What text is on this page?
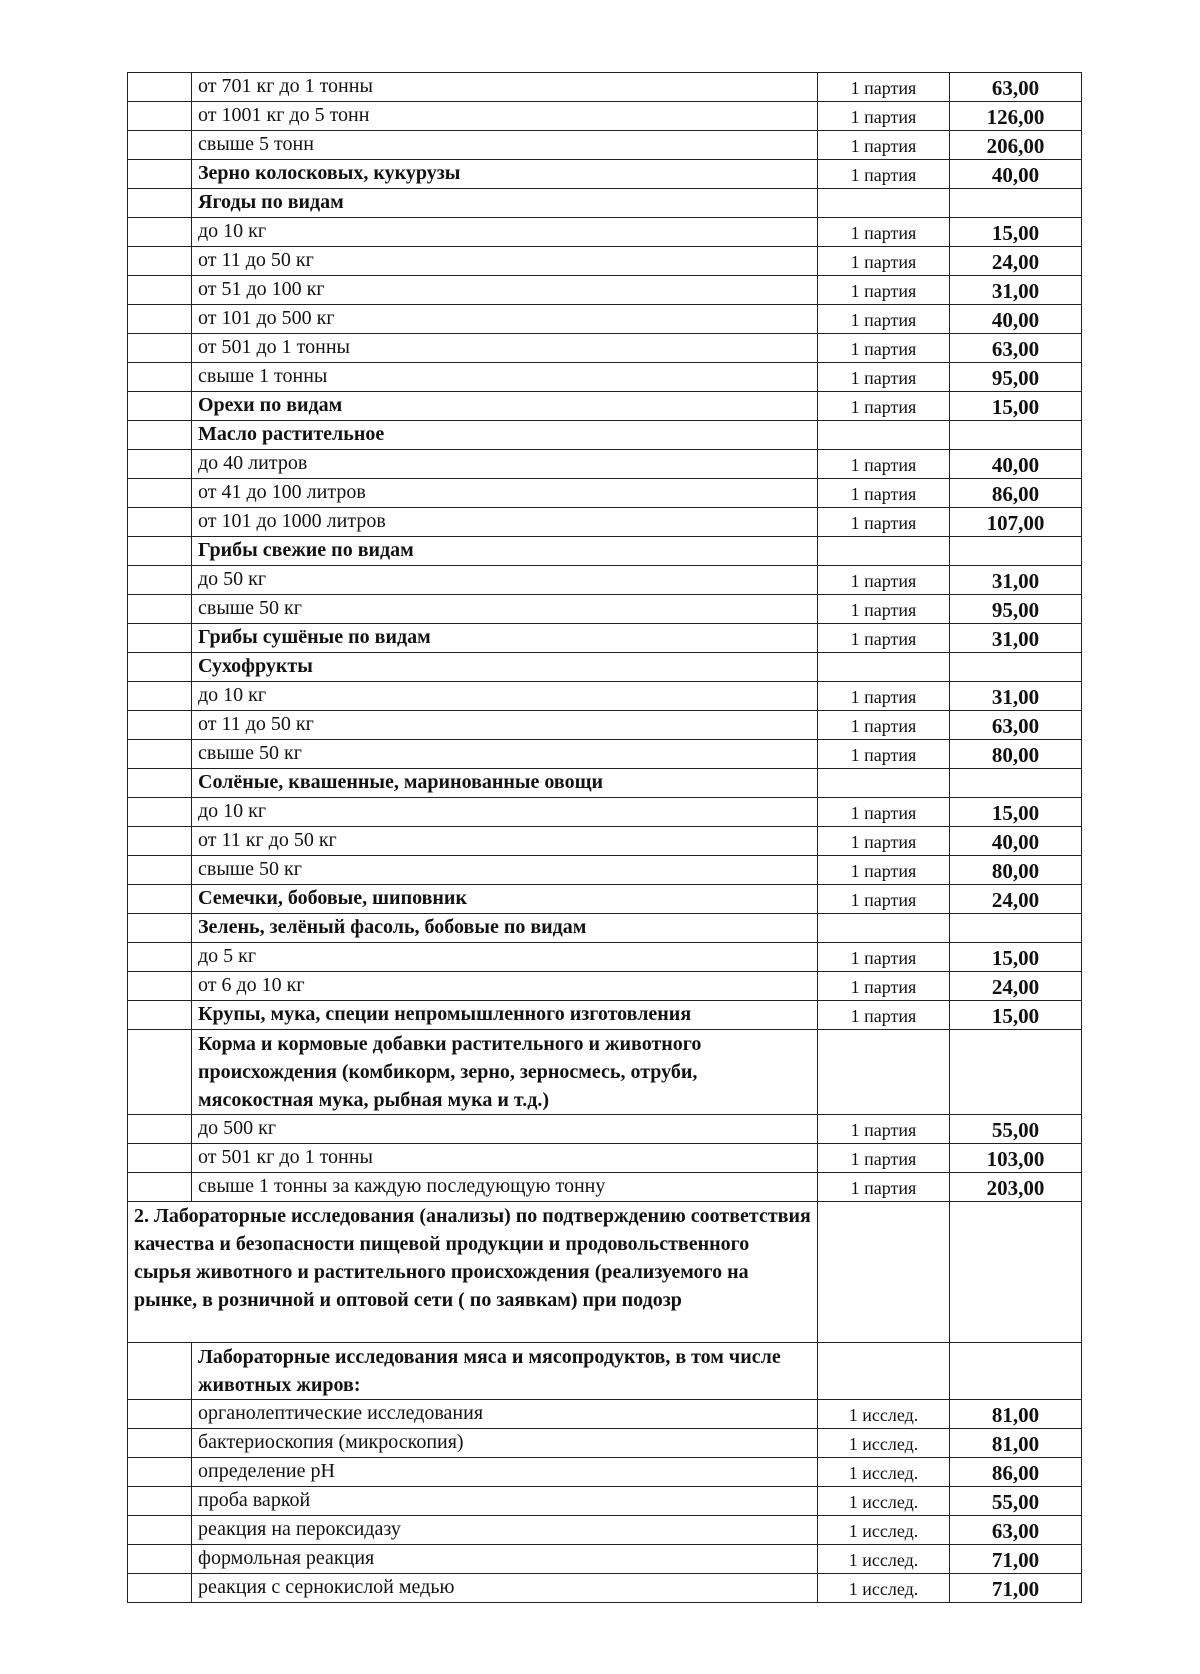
	от 701 кг до 1 тонны	1 партия	63,00
	от 1001 кг до 5 тонн	1 партия	126,00
	свыше 5 тонн	1 партия	206,00
	Зерно колосковых, кукурузы	1 партия	40,00
	Ягоды по видам		
	до 10 кг	1 партия	15,00
	от 11 до 50 кг	1 партия	24,00
	от 51 до 100 кг	1 партия	31,00
	от 101 до 500 кг	1 партия	40,00
	от 501 до 1 тонны	1 партия	63,00
	свыше 1 тонны	1 партия	95,00
	Орехи по видам	1 партия	15,00
	Масло растительное		
	до 40 литров	1 партия	40,00
	от 41 до 100 литров	1 партия	86,00
	от 101 до 1000 литров	1 партия	107,00
	Грибы свежие по видам		
	до 50 кг	1 партия	31,00
	свыше 50 кг	1 партия	95,00
	Грибы сушёные по видам	1 партия	31,00
	Сухофрукты		
	до 10 кг	1 партия	31,00
	от 11 до 50 кг	1 партия	63,00
	свыше 50 кг	1 партия	80,00
	Солёные, квашенные, маринованные овощи		
	до 10 кг	1 партия	15,00
	от 11 кг до 50 кг	1 партия	40,00
	свыше 50 кг	1 партия	80,00
	Семечки, бобовые, шиповник	1 партия	24,00
	Зелень, зелёный фасоль, бобовые по видам		
	до 5 кг	1 партия	15,00
	от 6 до 10 кг	1 партия	24,00
	Крупы, мука, специи непромышленного изготовления	1 партия	15,00
	Корма и кормовые добавки растительного и животного происхождения (комбикорм, зерно, зерносмесь, отруби, мясокостная мука, рыбная мука и т.д.)		
	до 500 кг	1 партия	55,00
	от 501 кг до 1 тонны	1 партия	103,00
	свыше 1 тонны за каждую последующую тонну	1 партия	203,00
2. Лабораторные исследования (анализы) по подтверждению соответствия качества и безопасности пищевой продукции и продовольственного сырья животного и растительного происхождения (реализуемого на рынке, в розничной и оптовой сети ( по заявкам) при подозр			
	Лабораторные исследования мяса и мясопродуктов, в том числе животных жиров:		
	органолептические исследования	1 исслед.	81,00
	бактериоскопия (микроскопия)	1 исслед.	81,00
	определение pH	1 исслед.	86,00
	проба варкой	1 исслед.	55,00
	реакция на пероксидазу	1 исслед.	63,00
	формольная реакция	1 исслед.	71,00
	реакция с сернокислой медью	1 исслед.	71,00
